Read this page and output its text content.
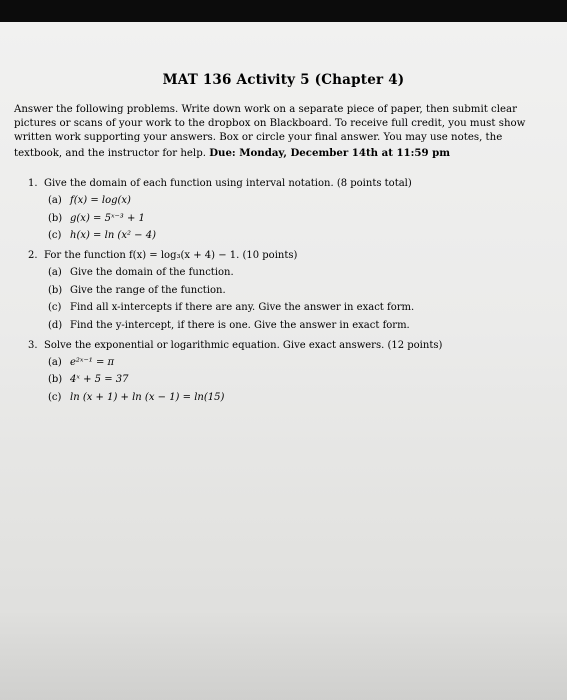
MAT 136 Activity 5 (Chapter 4)
Answer the following problems. Write down work on a separate piece of paper, then submit clear pictures or scans of your work to the dropbox on Blackboard. To receive full credit, you must show written work supporting your answers. Box or circle your final answer. You may use notes, the textbook, and the instructor for help. Due: Monday, December 14th at 11:59 pm
1. Give the domain of each function using interval notation. (8 points total)
(a) f(x) = log(x)
(b) g(x) = 5ˣ⁻³ + 1
(c) h(x) = ln (x² − 4)
2. For the function f(x) = log₃(x + 4) − 1. (10 points)
(a) Give the domain of the function.
(b) Give the range of the function.
(c) Find all x-intercepts if there are any. Give the answer in exact form.
(d) Find the y-intercept, if there is one. Give the answer in exact form.
3. Solve the exponential or logarithmic equation. Give exact answers. (12 points)
(a) e²ˣ⁻¹ = π
(b) 4ˣ + 5 = 37
(c) ln (x + 1) + ln (x − 1) = ln(15)
